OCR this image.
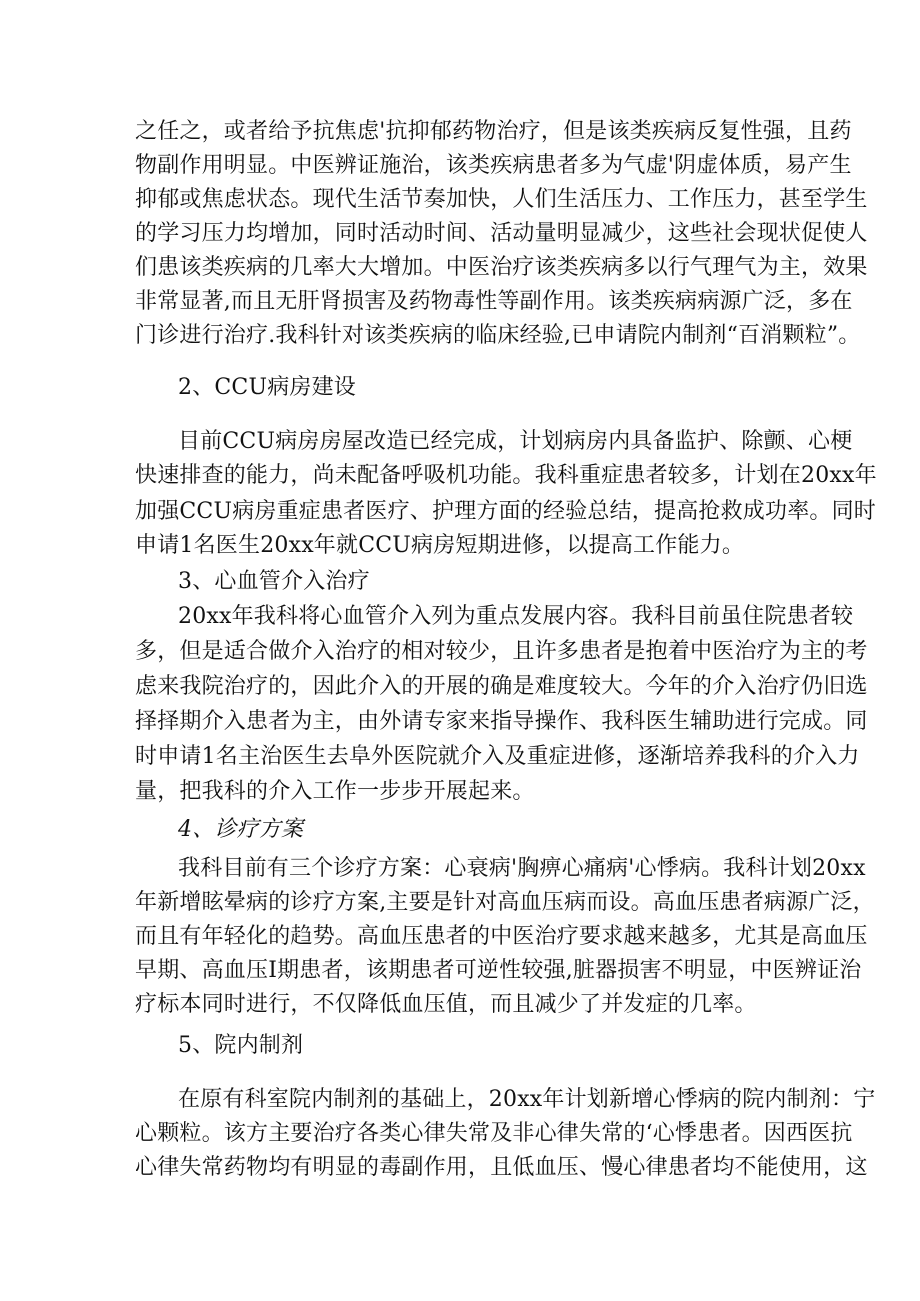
之任之，或者给予抗焦虑'抗抑郁药物治疗，但是该类疾病反复性强，且药
物副作用明显。中医辨证施治，该类疾病患者多为气虚'阴虚体质，易产生
抑郁或焦虑状态。现代生活节奏加快，人们生活压力、工作压力，甚至学生
的学习压力均增加，同时活动时间、活动量明显减少，这些社会现状促使人
们患该类疾病的几率大大增加。中医治疗该类疾病多以行气理气为主，效果
非常显著,而且无肝肾损害及药物毒性等副作用。该类疾病病源广泛，多在
门诊进行治疗.我科针对该类疾病的临床经验,已申请院内制剂“百消颗粒”。
2、CCU病房建设
目前CCU病房房屋改造已经完成，计划病房内具备监护、除颤、心梗
快速排查的能力，尚未配备呼吸机功能。我科重症患者较多，计划在20xx年
加强CCU病房重症患者医疗、护理方面的经验总结，提高抢救成功率。同时
申请1名医生20xx年就CCU病房短期进修，以提高工作能力。
3、心血管介入治疗
20xx年我科将心血管介入列为重点发展内容。我科目前虽住院患者较
多，但是适合做介入治疗的相对较少，且许多患者是抱着中医治疗为主的考
虑来我院治疗的，因此介入的开展的确是难度较大。今年的介入治疗仍旧选
择择期介入患者为主，由外请专家来指导操作、我科医生辅助进行完成。同
时申请1名主治医生去阜外医院就介入及重症进修，逐渐培养我科的介入力
量，把我科的介入工作一步步开展起来。
4、诊疗方案
我科目前有三个诊疗方案：心衰病'胸痹心痛病'心悸病。我科计划20xx
年新增眩晕病的诊疗方案,主要是针对高血压病而设。高血压患者病源广泛，
而且有年轻化的趋势。高血压患者的中医治疗要求越来越多，尤其是高血压
早期、高血压I期患者，该期患者可逆性较强,脏器损害不明显，中医辨证治
疗标本同时进行，不仅降低血压值，而且减少了并发症的几率。
5、院内制剂
在原有科室院内制剂的基础上，20xx年计划新增心悸病的院内制剂：宁
心颗粒。该方主要治疗各类心律失常及非心律失常的‘心悸患者。因西医抗
心律失常药物均有明显的毒副作用，且低血压、慢心律患者均不能使用，这
